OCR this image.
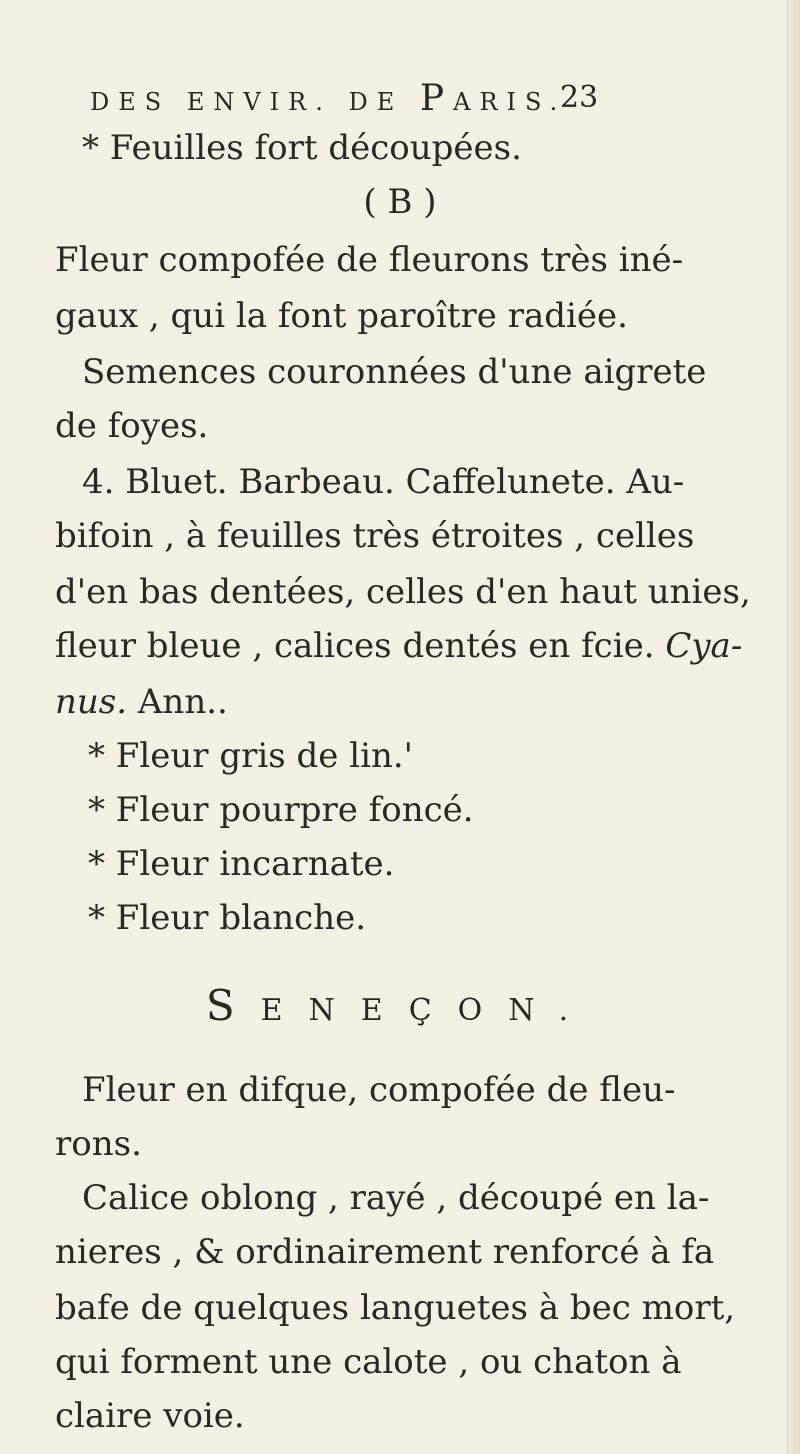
DES ENVIR. DE PARIS.
23
* Feuilles fort découpées.
( B )
Fleur compofée de fleurons très iné-
gaux , qui la font paroître radiée.
Semences couronnées d'une aigrete
de foyes.
4. Bluet. Barbeau. Caffelunete. Au-
bifoin , à feuilles très étroites , celles
d'en bas dentées, celles d'en haut unies,
fleur bleue , calices dentés en fcie. Cya-
nus. Ann..
* Fleur gris de lin.'
* Fleur pourpre foncé.
* Fleur incarnate.
* Fleur blanche.
SENEÇON.
Fleur en difque, compofée de fleu-
rons.
Calice oblong , rayé , découpé en la-
nieres , & ordinairement renforcé à fa
bafe de quelques languetes à bec mort,
qui forment une calote , ou chaton à
claire voie.
